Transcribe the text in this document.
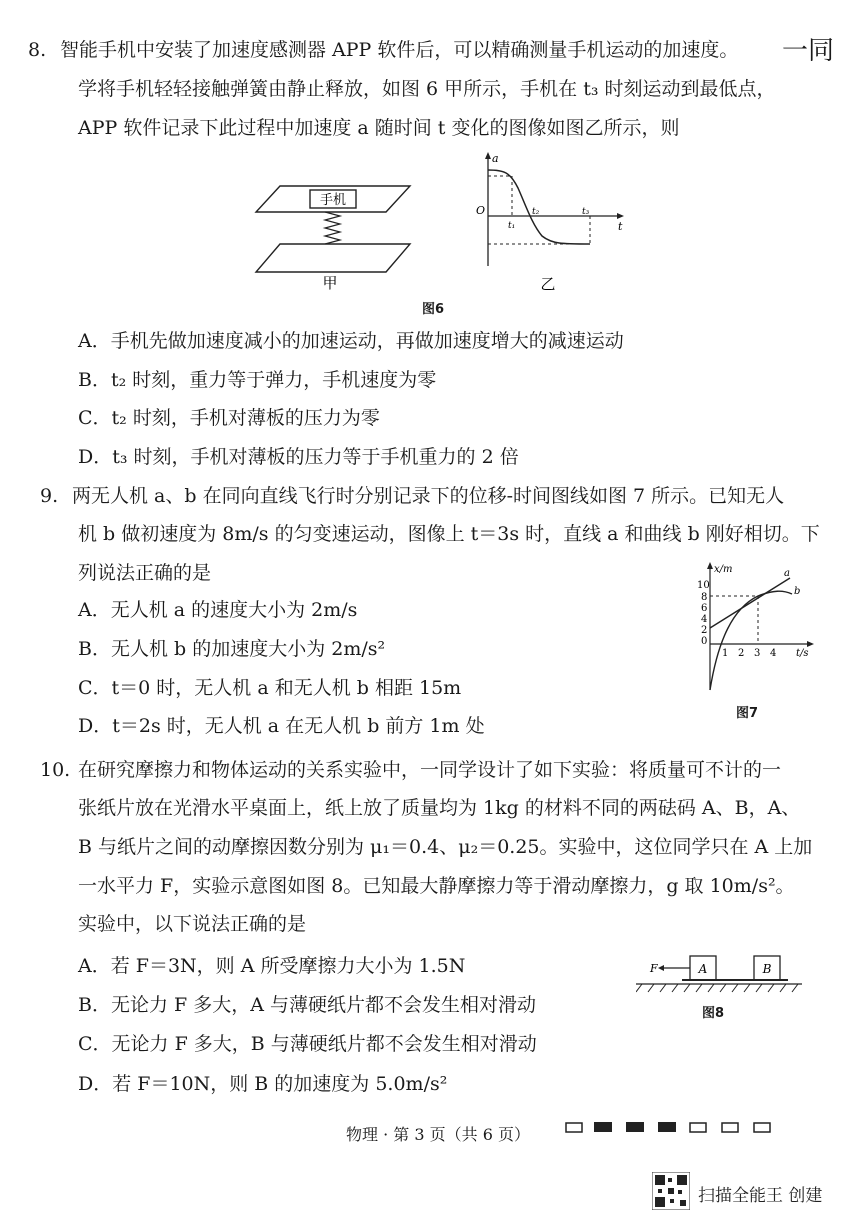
8. 智能手机中安装了加速度感测器 APP 软件后，可以精确测量手机运动的加速度。 一同
学将手机轻轻接触弹簧由静止释放，如图 6 甲所示，手机在 t₃ 时刻运动到最低点，
APP 软件记录下此过程中加速度 a 随时间 t 变化的图像如图乙所示，则
手机
甲
a
t
O
t₁
t₂	t₃
乙
图6
A．手机先做加速度减小的加速运动，再做加速度增大的减速运动
B．t₂ 时刻，重力等于弹力，手机速度为零
C．t₂ 时刻，手机对薄板的压力为零
D．t₃ 时刻，手机对薄板的压力等于手机重力的 2 倍
9. 两无人机 a、b 在同向直线飞行时分别记录下的位移-时间图线如图 7 所示。已知无人
机 b 做初速度为 8m/s 的匀变速运动，图像上 t＝3s 时，直线 a 和曲线 b 刚好相切。下
列说法正确的是
A．无人机 a 的速度大小为 2m/s
B．无人机 b 的加速度大小为 2m/s²
C．t＝0 时，无人机 a 和无人机 b 相距 15m
D．t＝2s 时，无人机 a 在无人机 b 前方 1m 处
x/m
t/s
10
8
6
4
2
0
1 2 3 4
a
b
图7
10. 在研究摩擦力和物体运动的关系实验中，一同学设计了如下实验：将质量可不计的一
张纸片放在光滑水平桌面上，纸上放了质量均为 1kg 的材料不同的两砝码 A、B，A、
B 与纸片之间的动摩擦因数分别为 μ₁＝0.4、μ₂＝0.25。实验中，这位同学只在 A 上加
一水平力 F，实验示意图如图 8。已知最大静摩擦力等于滑动摩擦力，g 取 10m/s²。
实验中，以下说法正确的是
A．若 F＝3N，则 A 所受摩擦力大小为 1.5N
B．无论力 F 多大，A 与薄硬纸片都不会发生相对滑动
C．无论力 F 多大，B 与薄硬纸片都不会发生相对滑动
D．若 F＝10N，则 B 的加速度为 5.0m/s²
F	A	B
图8
物理 · 第 3 页（共 6 页）
扫描全能王 创建
